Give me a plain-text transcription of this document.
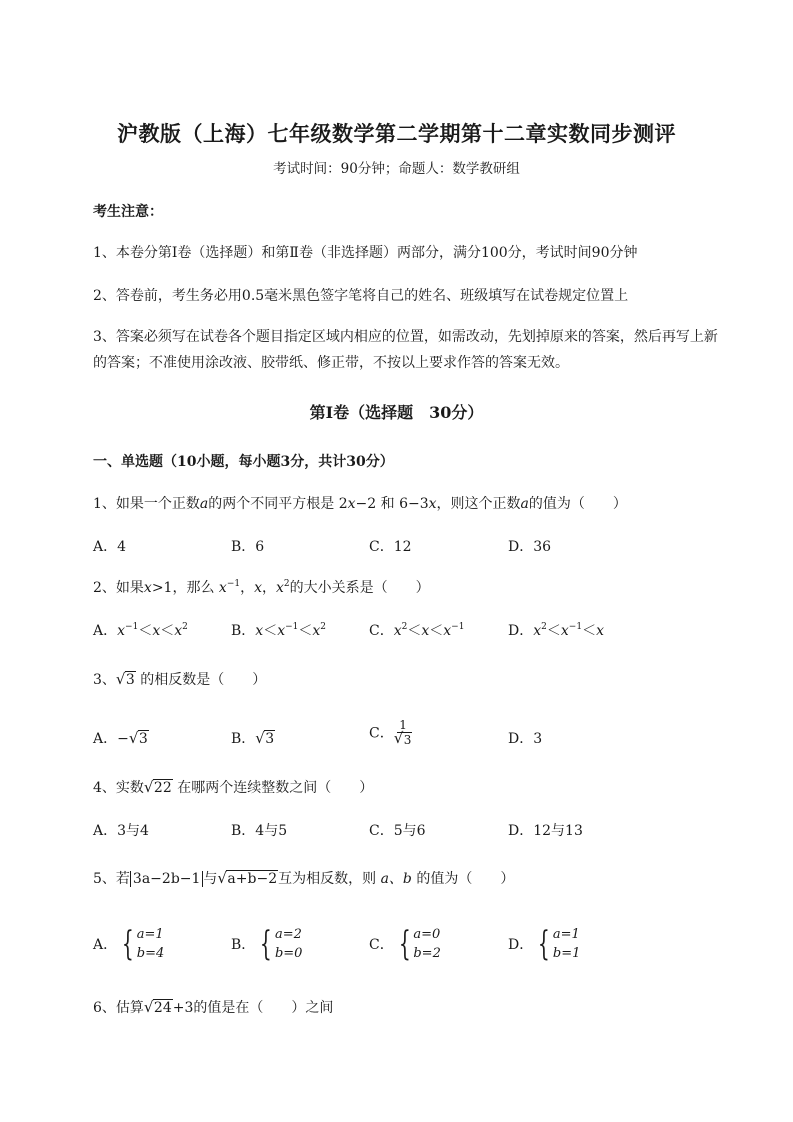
沪教版（上海）七年级数学第二学期第十二章实数同步测评
考试时间：90分钟；命题人：数学教研组
考生注意：
1、本卷分第I卷（选择题）和第Ⅱ卷（非选择题）两部分，满分100分，考试时间90分钟
2、答卷前，考生务必用0.5毫米黑色签字笔将自己的姓名、班级填写在试卷规定位置上
3、答案必须写在试卷各个题目指定区域内相应的位置，如需改动，先划掉原来的答案，然后再写上新
的答案；不准使用涂改液、胶带纸、修正带，不按以上要求作答的答案无效。
第I卷（选择题　30分）
一、单选题（10小题，每小题3分，共计30分）
1、如果一个正数a的两个不同平方根是 2x−2 和 6−3x，则这个正数a的值为（　　）
A．4	B．6	C．12	D．36
2、如果x>1，那么 $x^{-1}$，x，$x^2$的大小关系是（　　）
A．$x^{-1}<x<x^2$	B．$x<x^{-1}<x^2$	C．$x^2<x<x^{-1}$	D．$x^2<x^{-1}<x$
3、 √ 3 的相反数是（　　）
A．− √ 3	B． √ 3	C． 1
√ 3	D．3
4、实数 √ 22 在哪两个连续整数之间（　　）
A．3与4	B．4与5	C．5与6	D．12与13
5、若 3a−2b−1 与 √ a+b−2互为相反数，则 a、b 的值为（　　）
A． { a=1
b=4
B． { a=2
b=0
C． { a=0
b=2
D． { a=1
b=1
6、估算 √ 24+3的值是在（　　）之间
